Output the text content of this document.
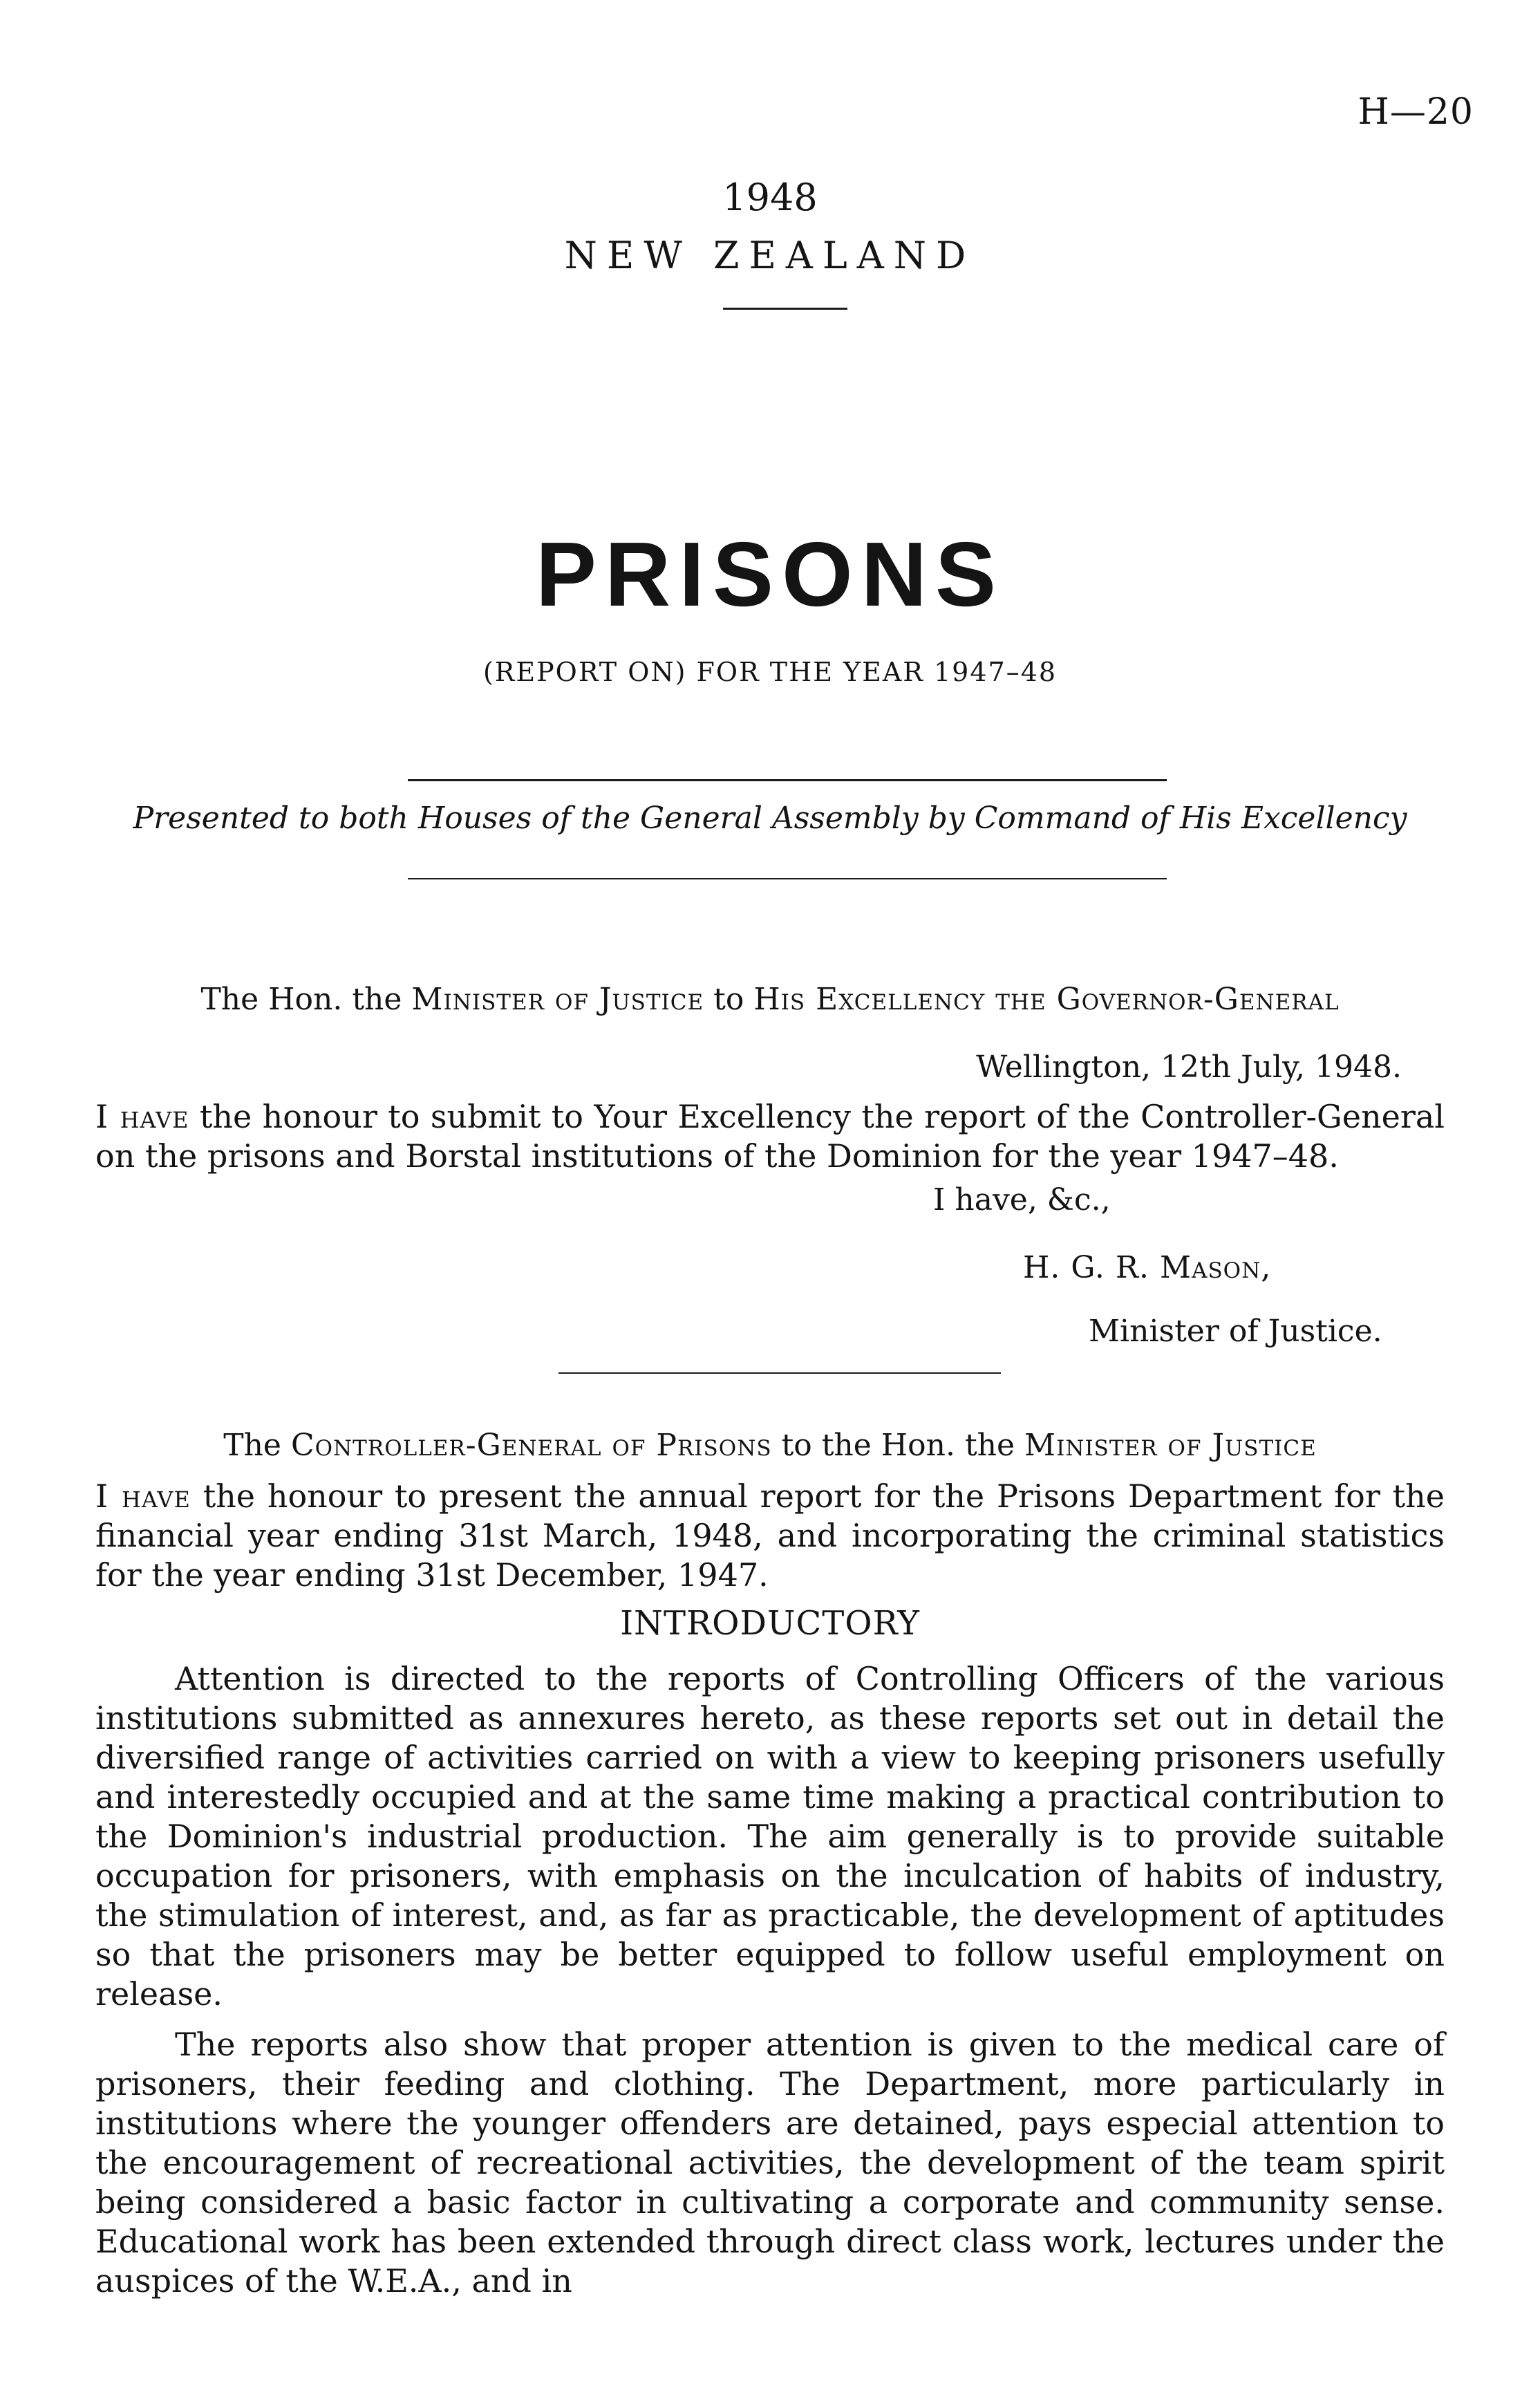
H—20
1948
NEW ZEALAND
PRISONS
(REPORT ON) FOR THE YEAR 1947–48
Presented to both Houses of the General Assembly by Command of His Excellency
The Hon. the Minister of Justice to His Excellency the Governor-General
Wellington, 12th July, 1948.

I have the honour to submit to Your Excellency the report of the Controller-General on the prisons and Borstal institutions of the Dominion for the year 1947–48.

I have, &c.,
H. G. R. Mason,
Minister of Justice.
The Controller-General of Prisons to the Hon. the Minister of Justice

I have the honour to present the annual report for the Prisons Department for the financial year ending 31st March, 1948, and incorporating the criminal statistics for the year ending 31st December, 1947.

INTRODUCTORY

Attention is directed to the reports of Controlling Officers of the various institutions submitted as annexures hereto, as these reports set out in detail the diversified range of activities carried on with a view to keeping prisoners usefully and interestedly occupied and at the same time making a practical contribution to the Dominion's industrial production. The aim generally is to provide suitable occupation for prisoners, with emphasis on the inculcation of habits of industry, the stimulation of interest, and, as far as practicable, the development of aptitudes so that the prisoners may be better equipped to follow useful employment on release.

The reports also show that proper attention is given to the medical care of prisoners, their feeding and clothing. The Department, more particularly in institutions where the younger offenders are detained, pays especial attention to the encouragement of recreational activities, the development of the team spirit being considered a basic factor in cultivating a corporate and community sense. Educational work has been extended through direct class work, lectures under the auspices of the W.E.A., and in
